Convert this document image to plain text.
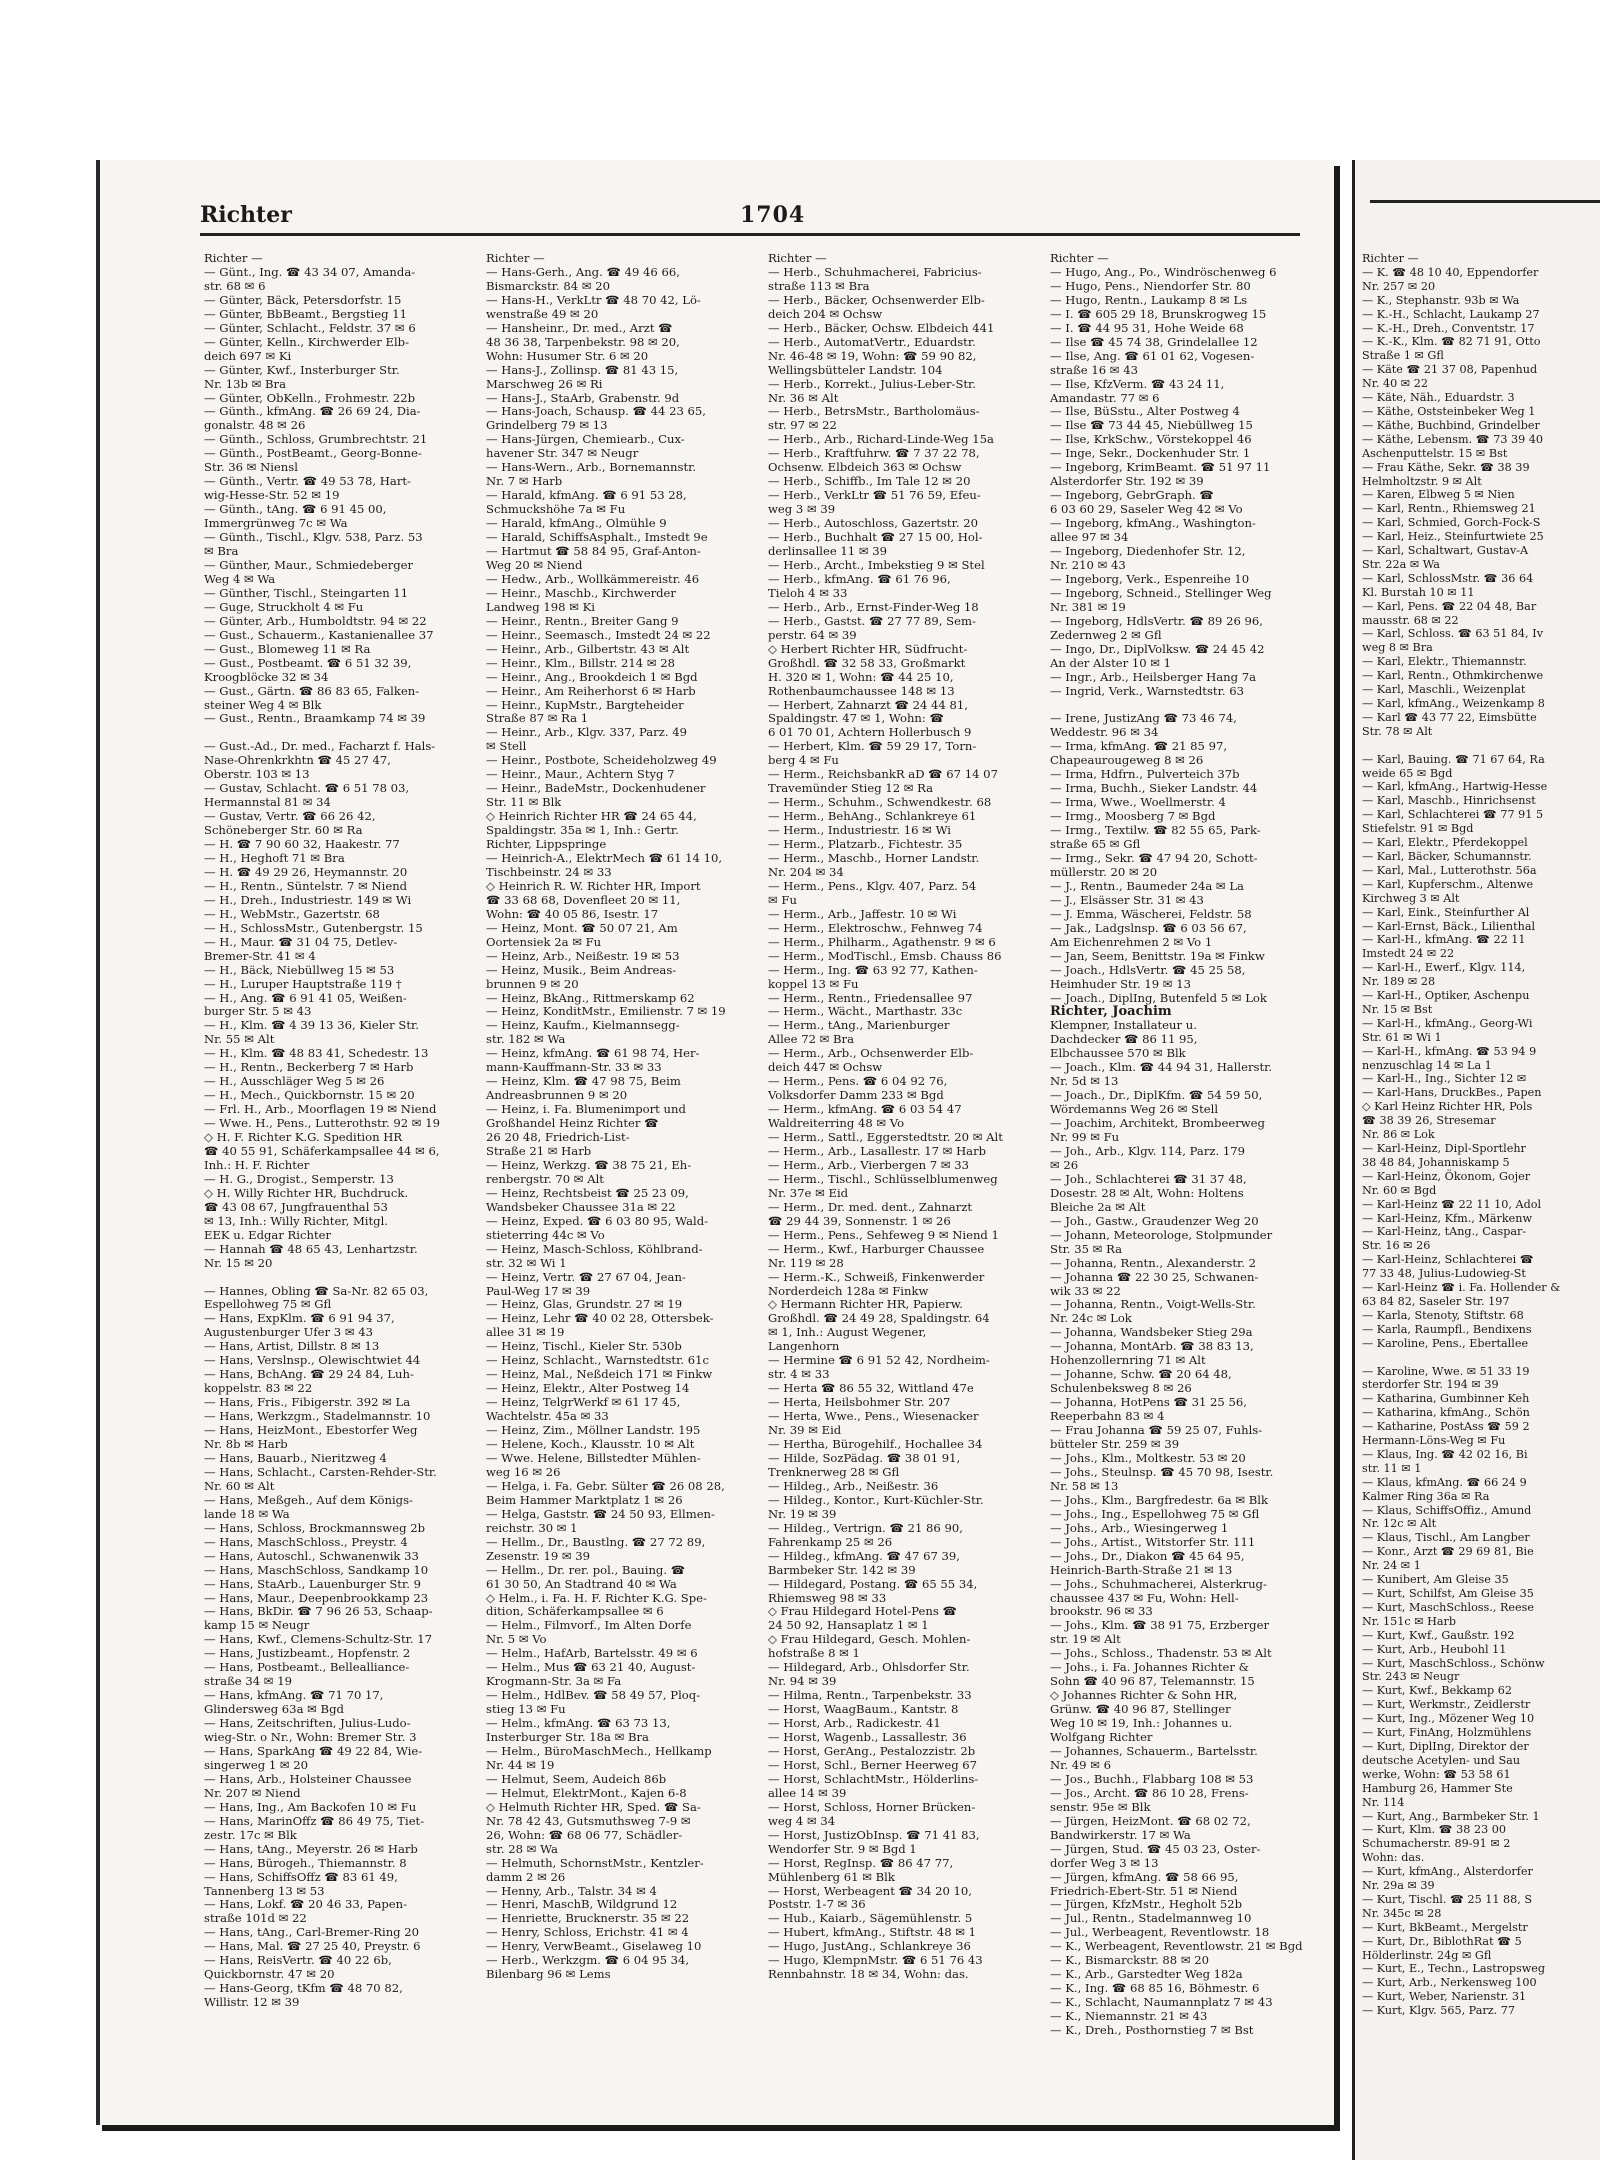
Richter	1704
Richter —
— Günt., Ing. ☎ 43 34 07, Amanda-
str. 68 ✉ 6
— Günter, Bäck, Petersdorfstr. 15
— Günter, BbBeamt., Bergstieg 11
— Günter, Schlacht., Feldstr. 37 ✉ 6
— Günter, Kelln., Kirchwerder Elb-
deich 697 ✉ Ki
— Günter, Kwf., Insterburger Str.
Nr. 13b ✉ Bra
— Günter, ObKelln., Frohmestr. 22b
— Günth., kfmAng. ☎ 26 69 24, Dia-
gonalstr. 48 ✉ 26
— Günth., Schloss, Grumbrechtstr. 21
— Günth., PostBeamt., Georg-Bonne-
Str. 36 ✉ Niensl
— Günth., Vertr. ☎ 49 53 78, Hart-
wig-Hesse-Str. 52 ✉ 19
— Günth., tAng. ☎ 6 91 45 00,
Immergrünweg 7c ✉ Wa
— Günth., Tischl., Klgv. 538, Parz. 53
✉ Bra
— Günther, Maur., Schmiedeberger
Weg 4 ✉ Wa
— Günther, Tischl., Steingarten 11
— Guge, Struckholt 4 ✉ Fu
— Günter, Arb., Humboldtstr. 94 ✉ 22
— Gust., Schauerm., Kastanienallee 37
— Gust., Blomeweg 11 ✉ Ra
— Gust., Postbeamt. ☎ 6 51 32 39,
Kroogblöcke 32 ✉ 34
— Gust., Gärtn. ☎ 86 83 65, Falken-
steiner Weg 4 ✉ Blk
— Gust., Rentn., Braamkamp 74 ✉ 39

— Gust.-Ad., Dr. med., Facharzt f. Hals-
Nase-Ohrenkrkhtn ☎ 45 27 47,
Oberstr. 103 ✉ 13
— Gustav, Schlacht. ☎ 6 51 78 03,
Hermannstal 81 ✉ 34
— Gustav, Vertr. ☎ 66 26 42,
Schöneberger Str. 60 ✉ Ra
— H. ☎ 7 90 60 32, Haakestr. 77
— H., Heghoft 71 ✉ Bra
— H. ☎ 49 29 26, Heymannstr. 20
— H., Rentn., Süntelstr. 7 ✉ Niend
— H., Dreh., Industriestr. 149 ✉ Wi
— H., WebMstr., Gazertstr. 68
— H., SchlossMstr., Gutenbergstr. 15
— H., Maur. ☎ 31 04 75, Detlev-
Bremer-Str. 41 ✉ 4
— H., Bäck, Niebüllweg 15 ✉ 53
— H., Luruper Hauptstraße 119 †
— H., Ang. ☎ 6 91 41 05, Weißen-
burger Str. 5 ✉ 43
— H., Klm. ☎ 4 39 13 36, Kieler Str.
Nr. 55 ✉ Alt
— H., Klm. ☎ 48 83 41, Schedestr. 13
— H., Rentn., Beckerberg 7 ✉ Harb
— H., Ausschläger Weg 5 ✉ 26
— H., Mech., Quickbornstr. 15 ✉ 20
— Frl. H., Arb., Moorflagen 19 ✉ Niend
— Wwe. H., Pens., Lutterothstr. 92 ✉ 19
◇ H. F. Richter K.G. Spedition HR
☎ 40 55 91, Schäferkampsallee 44 ✉ 6,
Inh.: H. F. Richter
— H. G., Drogist., Semperstr. 13
◇ H. Willy Richter HR, Buchdruck.
☎ 43 08 67, Jungfrauenthal 53
✉ 13, Inh.: Willy Richter, Mitgl.
EEK u. Edgar Richter
— Hannah ☎ 48 65 43, Lenhartzstr.
Nr. 15 ✉ 20

— Hannes, Obling ☎ Sa-Nr. 82 65 03,
Espellohweg 75 ✉ Gfl
— Hans, ExpKlm. ☎ 6 91 94 37,
Augustenburger Ufer 3 ✉ 43
— Hans, Artist, Dillstr. 8 ✉ 13
— Hans, Verslnsp., Olewischtwiet 44
— Hans, BchAng. ☎ 29 24 84, Luh-
koppelstr. 83 ✉ 22
— Hans, Fris., Fibigerstr. 392 ✉ La
— Hans, Werkzgm., Stadelmannstr. 10
— Hans, HeizMont., Ebestorfer Weg
Nr. 8b ✉ Harb
— Hans, Bauarb., Nieritzweg 4
— Hans, Schlacht., Carsten-Rehder-Str.
Nr. 60 ✉ Alt
— Hans, Meßgeh., Auf dem Königs-
lande 18 ✉ Wa
— Hans, Schloss, Brockmannsweg 2b
— Hans, MaschSchloss., Preystr. 4
— Hans, Autoschl., Schwanenwik 33
— Hans, MaschSchloss, Sandkamp 10
— Hans, StaArb., Lauenburger Str. 9
— Hans, Maur., Deepenbrookkamp 23
— Hans, BkDir. ☎ 7 96 26 53, Schaap-
kamp 15 ✉ Neugr
— Hans, Kwf., Clemens-Schultz-Str. 17
— Hans, Justizbeamt., Hopfenstr. 2
— Hans, Postbeamt., Bellealliance-
straße 34 ✉ 19
— Hans, kfmAng. ☎ 71 70 17,
Glindersweg 63a ✉ Bgd
— Hans, Zeitschriften, Julius-Ludo-
wieg-Str. o Nr., Wohn: Bremer Str. 3
— Hans, SparkAng ☎ 49 22 84, Wie-
singerweg 1 ✉ 20
— Hans, Arb., Holsteiner Chaussee
Nr. 207 ✉ Niend
— Hans, Ing., Am Backofen 10 ✉ Fu
— Hans, MarinOffz ☎ 86 49 75, Tiet-
zestr. 17c ✉ Blk
— Hans, tAng., Meyerstr. 26 ✉ Harb
— Hans, Bürogeh., Thiemannstr. 8
— Hans, SchiffsOffz ☎ 83 61 49,
Tannenberg 13 ✉ 53
— Hans, Lokf. ☎ 20 46 33, Papen-
straße 101d ✉ 22
— Hans, tAng., Carl-Bremer-Ring 20
— Hans, Mal. ☎ 27 25 40, Preystr. 6
— Hans, ReisVertr. ☎ 40 22 6b,
Quickbornstr. 47 ✉ 20
— Hans-Georg, tKfm ☎ 48 70 82,
Willistr. 12 ✉ 39
Richter —
— Hans-Gerh., Ang. ☎ 49 46 66,
Bismarckstr. 84 ✉ 20
— Hans-H., VerkLtr ☎ 48 70 42, Lö-
wenstraße 49 ✉ 20
— Hansheinr., Dr. med., Arzt ☎
48 36 38, Tarpenbekstr. 98 ✉ 20,
Wohn: Husumer Str. 6 ✉ 20
— Hans-J., Zollinsp. ☎ 81 43 15,
Marschweg 26 ✉ Ri
— Hans-J., StaArb, Grabenstr. 9d
— Hans-Joach, Schausp. ☎ 44 23 65,
Grindelberg 79 ✉ 13
— Hans-Jürgen, Chemiearb., Cux-
havener Str. 347 ✉ Neugr
— Hans-Wern., Arb., Bornemannstr.
Nr. 7 ✉ Harb
— Harald, kfmAng. ☎ 6 91 53 28,
Schmuckshöhe 7a ✉ Fu
— Harald, kfmAng., Olmühle 9
— Harald, SchiffsAsphalt., Imstedt 9e
— Hartmut ☎ 58 84 95, Graf-Anton-
Weg 20 ✉ Niend
— Hedw., Arb., Wollkämmereistr. 46
— Heinr., Maschb., Kirchwerder
Landweg 198 ✉ Ki
— Heinr., Rentn., Breiter Gang 9
— Heinr., Seemasch., Imstedt 24 ✉ 22
— Heinr., Arb., Gilbertstr. 43 ✉ Alt
— Heinr., Klm., Billstr. 214 ✉ 28
— Heinr., Ang., Brookdeich 1 ✉ Bgd
— Heinr., Am Reiherhorst 6 ✉ Harb
— Heinr., KupMstr., Bargteheider
Straße 87 ✉ Ra 1
— Heinr., Arb., Klgv. 337, Parz. 49
✉ Stell
— Heinr., Postbote, Scheideholzweg 49
— Heinr., Maur., Achtern Styg 7
— Heinr., BadeMstr., Dockenhudener
Str. 11 ✉ Blk
◇ Heinrich Richter HR ☎ 24 65 44,
Spaldingstr. 35a ✉ 1, Inh.: Gertr.
Richter, Lippspringe
— Heinrich-A., ElektrMech ☎ 61 14 10,
Tischbeinstr. 24 ✉ 33
◇ Heinrich R. W. Richter HR, Import
☎ 33 68 68, Dovenfleet 20 ✉ 11,
Wohn: ☎ 40 05 86, Isestr. 17
— Heinz, Mont. ☎ 50 07 21, Am
Oortensiek 2a ✉ Fu
— Heinz, Arb., Neißestr. 19 ✉ 53
— Heinz, Musik., Beim Andreas-
brunnen 9 ✉ 20
— Heinz, BkAng., Rittmerskamp 62
— Heinz, KonditMstr., Emilienstr. 7 ✉ 19
— Heinz, Kaufm., Kielmannsegg-
str. 182 ✉ Wa
— Heinz, kfmAng. ☎ 61 98 74, Her-
mann-Kauffmann-Str. 33 ✉ 33
— Heinz, Klm. ☎ 47 98 75, Beim
Andreasbrunnen 9 ✉ 20
— Heinz, i. Fa. Blumenimport und
Großhandel Heinz Richter ☎
26 20 48, Friedrich-List-
Straße 21 ✉ Harb
— Heinz, Werkzg. ☎ 38 75 21, Eh-
renbergstr. 70 ✉ Alt
— Heinz, Rechtsbeist ☎ 25 23 09,
Wandsbeker Chaussee 31a ✉ 22
— Heinz, Exped. ☎ 6 03 80 95, Wald-
stieterring 44c ✉ Vo
— Heinz, Masch-Schloss, Köhlbrand-
str. 32 ✉ Wi 1
— Heinz, Vertr. ☎ 27 67 04, Jean-
Paul-Weg 17 ✉ 39
— Heinz, Glas, Grundstr. 27 ✉ 19
— Heinz, Lehr ☎ 40 02 28, Ottersbek-
allee 31 ✉ 19
— Heinz, Tischl., Kieler Str. 530b
— Heinz, Schlacht., Warnstedtstr. 61c
— Heinz, Mal., Neßdeich 171 ✉ Finkw
— Heinz, Elektr., Alter Postweg 14
— Heinz, TelgrWerkf ✉ 61 17 45,
Wachtelstr. 45a ✉ 33
— Heinz, Zim., Möllner Landstr. 195
— Helene, Koch., Klausstr. 10 ✉ Alt
— Wwe. Helene, Billstedter Mühlen-
weg 16 ✉ 26
— Helga, i. Fa. Gebr. Sülter ☎ 26 08 28,
Beim Hammer Marktplatz 1 ✉ 26
— Helga, Gaststr. ☎ 24 50 93, Ellmen-
reichstr. 30 ✉ 1
— Hellm., Dr., Baustlng. ☎ 27 72 89,
Zesenstr. 19 ✉ 39
— Hellm., Dr. rer. pol., Bauing. ☎
61 30 50, An Stadtrand 40 ✉ Wa
◇ Helm., i. Fa. H. F. Richter K.G. Spe-
dition, Schäferkampsallee ✉ 6
— Helm., Filmvorf., Im Alten Dorfe
Nr. 5 ✉ Vo
— Helm., HafArb, Bartelsstr. 49 ✉ 6
— Helm., Mus ☎ 63 21 40, August-
Krogmann-Str. 3a ✉ Fa
— Helm., HdlBev. ☎ 58 49 57, Ploq-
stieg 13 ✉ Fu
— Helm., kfmAng. ☎ 63 73 13,
Insterburger Str. 18a ✉ Bra
— Helm., BüroMaschMech., Hellkamp
Nr. 44 ✉ 19
— Helmut, Seem, Audeich 86b
— Helmut, ElektrMont., Kajen 6-8
◇ Helmuth Richter HR, Sped. ☎ Sa-
Nr. 78 42 43, Gutsmuthsweg 7-9 ✉
26, Wohn: ☎ 68 06 77, Schädler-
str. 28 ✉ Wa
— Helmuth, SchornstMstr., Kentzler-
damm 2 ✉ 26
— Henny, Arb., Talstr. 34 ✉ 4
— Henri, MaschB, Wildgrund 12
— Henriette, Brucknerstr. 35 ✉ 22
— Henry, Schloss, Erichstr. 41 ✉ 4
— Henry, VerwBeamt., Giselaweg 10
— Herb., Werkzgm. ☎ 6 04 95 34,
Bilenbarg 96 ✉ Lems
Richter —
— Herb., Schuhmacherei, Fabricius-
straße 113 ✉ Bra
— Herb., Bäcker, Ochsenwerder Elb-
deich 204 ✉ Ochsw
— Herb., Bäcker, Ochsw. Elbdeich 441
— Herb., AutomatVertr., Eduardstr.
Nr. 46-48 ✉ 19, Wohn: ☎ 59 90 82,
Wellingsbütteler Landstr. 104
— Herb., Korrekt., Julius-Leber-Str.
Nr. 36 ✉ Alt
— Herb., BetrsMstr., Bartholomäus-
str. 97 ✉ 22
— Herb., Arb., Richard-Linde-Weg 15a
— Herb., Kraftfuhrw. ☎ 7 37 22 78,
Ochsenw. Elbdeich 363 ✉ Ochsw
— Herb., Schiffb., Im Tale 12 ✉ 20
— Herb., VerkLtr ☎ 51 76 59, Efeu-
weg 3 ✉ 39
— Herb., Autoschloss, Gazertstr. 20
— Herb., Buchhalt ☎ 27 15 00, Hol-
derlinsallee 11 ✉ 39
— Herb., Archt., Imbekstieg 9 ✉ Stel
— Herb., kfmAng. ☎ 61 76 96,
Tieloh 4 ✉ 33
— Herb., Arb., Ernst-Finder-Weg 18
— Herb., Gastst. ☎ 27 77 89, Sem-
perstr. 64 ✉ 39
◇ Herbert Richter HR, Südfrucht-
Großhdl. ☎ 32 58 33, Großmarkt
H. 320 ✉ 1, Wohn: ☎ 44 25 10,
Rothenbaumchaussee 148 ✉ 13
— Herbert, Zahnarzt ☎ 24 44 81,
Spaldingstr. 47 ✉ 1, Wohn: ☎
6 01 70 01, Achtern Hollerbusch 9
— Herbert, Klm. ☎ 59 29 17, Torn-
berg 4 ✉ Fu
— Herm., ReichsbankR aD ☎ 67 14 07
Travemünder Stieg 12 ✉ Ra
— Herm., Schuhm., Schwendkestr. 68
— Herm., BehAng., Schlankreye 61
— Herm., Industriestr. 16 ✉ Wi
— Herm., Platzarb., Fichtestr. 35
— Herm., Maschb., Horner Landstr.
Nr. 204 ✉ 34
— Herm., Pens., Klgv. 407, Parz. 54
✉ Fu
— Herm., Arb., Jaffestr. 10 ✉ Wi
— Herm., Elektroschw., Fehnweg 74
— Herm., Philharm., Agathenstr. 9 ✉ 6
— Herm., ModTischl., Emsb. Chauss 86
— Herm., Ing. ☎ 63 92 77, Kathen-
koppel 13 ✉ Fu
— Herm., Rentn., Friedensallee 97
— Herm., Wächt., Marthastr. 33c
— Herm., tAng., Marienburger
Allee 72 ✉ Bra
— Herm., Arb., Ochsenwerder Elb-
deich 447 ✉ Ochsw
— Herm., Pens. ☎ 6 04 92 76,
Volksdorfer Damm 233 ✉ Bgd
— Herm., kfmAng. ☎ 6 03 54 47
Waldreiterring 48 ✉ Vo
— Herm., Sattl., Eggerstedtstr. 20 ✉ Alt
— Herm., Arb., Lasallestr. 17 ✉ Harb
— Herm., Arb., Vierbergen 7 ✉ 33
— Herm., Tischl., Schlüsselblumenweg
Nr. 37e ✉ Eid
— Herm., Dr. med. dent., Zahnarzt
☎ 29 44 39, Sonnenstr. 1 ✉ 26
— Herm., Pens., Sehfeweg 9 ✉ Niend 1
— Herm., Kwf., Harburger Chaussee
Nr. 119 ✉ 28
— Herm.-K., Schweiß, Finkenwerder
Norderdeich 128a ✉ Finkw
◇ Hermann Richter HR, Papierw.
Großhdl. ☎ 24 49 28, Spaldingstr. 64
✉ 1, Inh.: August Wegener,
Langenhorn
— Hermine ☎ 6 91 52 42, Nordheim-
str. 4 ✉ 33
— Herta ☎ 86 55 32, Wittland 47e
— Herta, Heilsbohmer Str. 207
— Herta, Wwe., Pens., Wiesenacker
Nr. 39 ✉ Eid
— Hertha, Bürogehilf., Hochallee 34
— Hilde, SozPädag. ☎ 38 01 91,
Trenknerweg 28 ✉ Gfl
— Hildeg., Arb., Neißestr. 36
— Hildeg., Kontor., Kurt-Küchler-Str.
Nr. 19 ✉ 39
— Hildeg., Vertrign. ☎ 21 86 90,
Fahrenkamp 25 ✉ 26
— Hildeg., kfmAng. ☎ 47 67 39,
Barmbeker Str. 142 ✉ 39
— Hildegard, Postang. ☎ 65 55 34,
Rhiemsweg 98 ✉ 33
◇ Frau Hildegard Hotel-Pens ☎
24 50 92, Hansaplatz 1 ✉ 1
◇ Frau Hildegard, Gesch. Mohlen-
hofstraße 8 ✉ 1
— Hildegard, Arb., Ohlsdorfer Str.
Nr. 94 ✉ 39
— Hilma, Rentn., Tarpenbekstr. 33
— Horst, WaagBaum., Kantstr. 8
— Horst, Arb., Radickestr. 41
— Horst, Wagenb., Lassallestr. 36
— Horst, GerAng., Pestalozzistr. 2b
— Horst, Schl., Berner Heerweg 67
— Horst, SchlachtMstr., Hölderlins-
allee 14 ✉ 39
— Horst, Schloss, Horner Brücken-
weg 4 ✉ 34
— Horst, JustizObInsp. ☎ 71 41 83,
Wendorfer Str. 9 ✉ Bgd 1
— Horst, RegInsp. ☎ 86 47 77,
Mühlenberg 61 ✉ Blk
— Horst, Werbeagent ☎ 34 20 10,
Poststr. 1-7 ✉ 36
— Hub., Kaiarb., Sägemühlenstr. 5
— Hubert, kfmAng., Stiftstr. 48 ✉ 1
— Hugo, JustAng., Schlankreye 36
— Hugo, KlempnMstr. ☎ 6 51 76 43
Rennbahnstr. 18 ✉ 34, Wohn: das.
Richter —
— Hugo, Ang., Po., Windröschenweg 6
— Hugo, Pens., Niendorfer Str. 80
— Hugo, Rentn., Laukamp 8 ✉ Ls
— I. ☎ 605 29 18, Brunskrogweg 15
— I. ☎ 44 95 31, Hohe Weide 68
— Ilse ☎ 45 74 38, Grindelallee 12
— Ilse, Ang. ☎ 61 01 62, Vogesen-
straße 16 ✉ 43
— Ilse, KfzVerm. ☎ 43 24 11,
Amandastr. 77 ✉ 6
— Ilse, BüSstu., Alter Postweg 4
— Ilse ☎ 73 44 45, Niebüllweg 15
— Ilse, KrkSchw., Vörstekoppel 46
— Inge, Sekr., Dockenhuder Str. 1
— Ingeborg, KrimBeamt. ☎ 51 97 11
Alsterdorfer Str. 192 ✉ 39
— Ingeborg, GebrGraph. ☎
6 03 60 29, Saseler Weg 42 ✉ Vo
— Ingeborg, kfmAng., Washington-
allee 97 ✉ 34
— Ingeborg, Diedenhofer Str. 12,
Nr. 210 ✉ 43
— Ingeborg, Verk., Espenreihe 10
— Ingeborg, Schneid., Stellinger Weg
Nr. 381 ✉ 19
— Ingeborg, HdlsVertr. ☎ 89 26 96,
Zedernweg 2 ✉ Gfl
— Ingo, Dr., DiplVolksw. ☎ 24 45 42
An der Alster 10 ✉ 1
— Ingr., Arb., Heilsberger Hang 7a
— Ingrid, Verk., Warnstedtstr. 63

— Irene, JustizAng ☎ 73 46 74,
Weddestr. 96 ✉ 34
— Irma, kfmAng. ☎ 21 85 97,
Chapeaurougeweg 8 ✉ 26
— Irma, Hdfrn., Pulverteich 37b
— Irma, Buchh., Sieker Landstr. 44
— Irma, Wwe., Woellmerstr. 4
— Irmg., Moosberg 7 ✉ Bgd
— Irmg., Textilw. ☎ 82 55 65, Park-
straße 65 ✉ Gfl
— Irmg., Sekr. ☎ 47 94 20, Schott-
müllerstr. 20 ✉ 20
— J., Rentn., Baumeder 24a ✉ La
— J., Elsässer Str. 31 ✉ 43
— J. Emma, Wäscherei, Feldstr. 58
— Jak., Ladgslnsp. ☎ 6 03 56 67,
Am Eichenrehmen 2 ✉ Vo 1
— Jan, Seem, Benittstr. 19a ✉ Finkw
— Joach., HdlsVertr. ☎ 45 25 58,
Heimhuder Str. 19 ✉ 13
— Joach., DiplIng, Butenfeld 5 ✉ Lok
Richter, Joachim
Klempner, Installateur u.
Dachdecker ☎ 86 11 95,
Elbchaussee 570 ✉ Blk
— Joach., Klm. ☎ 44 94 31, Hallerstr.
Nr. 5d ✉ 13
— Joach., Dr., DiplKfm. ☎ 54 59 50,
Wördemanns Weg 26 ✉ Stell
— Joachim, Architekt, Brombeerweg
Nr. 99 ✉ Fu
— Joh., Arb., Klgv. 114, Parz. 179
✉ 26
— Joh., Schlachterei ☎ 31 37 48,
Dosestr. 28 ✉ Alt, Wohn: Holtens
Bleiche 2a ✉ Alt
— Joh., Gastw., Graudenzer Weg 20
— Johann, Meteorologe, Stolpmunder
Str. 35 ✉ Ra
— Johanna, Rentn., Alexanderstr. 2
— Johanna ☎ 22 30 25, Schwanen-
wik 33 ✉ 22
— Johanna, Rentn., Voigt-Wells-Str.
Nr. 24c ✉ Lok
— Johanna, Wandsbeker Stieg 29a
— Johanna, MontArb. ☎ 38 83 13,
Hohenzollernring 71 ✉ Alt
— Johanne, Schw. ☎ 20 64 48,
Schulenbeksweg 8 ✉ 26
— Johanna, HotPens ☎ 31 25 56,
Reeperbahn 83 ✉ 4
— Frau Johanna ☎ 59 25 07, Fuhls-
bütteler Str. 259 ✉ 39
— Johs., Klm., Moltkestr. 53 ✉ 20
— Johs., Steulnsp. ☎ 45 70 98, Isestr.
Nr. 58 ✉ 13
— Johs., Klm., Bargfredestr. 6a ✉ Blk
— Johs., Ing., Espellohweg 75 ✉ Gfl
— Johs., Arb., Wiesingerweg 1
— Johs., Artist., Witstorfer Str. 111
— Johs., Dr., Diakon ☎ 45 64 95,
Heinrich-Barth-Straße 21 ✉ 13
— Johs., Schuhmacherei, Alsterkrug-
chaussee 437 ✉ Fu, Wohn: Hell-
brookstr. 96 ✉ 33
— Johs., Klm. ☎ 38 91 75, Erzberger
str. 19 ✉ Alt
— Johs., Schloss., Thadenstr. 53 ✉ Alt
— Johs., i. Fa. Johannes Richter &
Sohn ☎ 40 96 87, Telemannstr. 15
◇ Johannes Richter & Sohn HR,
Grünw. ☎ 40 96 87, Stellinger
Weg 10 ✉ 19, Inh.: Johannes u.
Wolfgang Richter
— Johannes, Schauerm., Bartelsstr.
Nr. 49 ✉ 6
— Jos., Buchh., Flabbarg 108 ✉ 53
— Jos., Archt. ☎ 86 10 28, Frens-
senstr. 95e ✉ Blk
— Jürgen, HeizMont. ☎ 68 02 72,
Bandwirkerstr. 17 ✉ Wa
— Jürgen, Stud. ☎ 45 03 23, Oster-
dorfer Weg 3 ✉ 13
— Jürgen, kfmAng. ☎ 58 66 95,
Friedrich-Ebert-Str. 51 ✉ Niend
— Jürgen, KfzMstr., Hegholt 52b
— Jul., Rentn., Stadelmannweg 10
— Jul., Werbeagent, Reventlowstr. 18
— K., Werbeagent, Reventlowstr. 21 ✉ Bgd
— K., Bismarckstr. 88 ✉ 20
— K., Arb., Garstedter Weg 182a
— K., Ing. ☎ 68 85 16, Böhmestr. 6
— K., Schlacht, Naumannplatz 7 ✉ 43
— K., Niemannstr. 21 ✉ 43
— K., Dreh., Posthornstieg 7 ✉ Bst
Richter —
— K. ☎ 48 10 40, Eppendorfer
Nr. 257 ✉ 20
— K., Stephanstr. 93b ✉ Wa
— K.-H., Schlacht, Laukamp 27
— K.-H., Dreh., Conventstr. 17
— K.-K., Klm. ☎ 82 71 91, Otto
Straße 1 ✉ Gfl
— Käte ☎ 21 37 08, Papenhud
Nr. 40 ✉ 22
— Käte, Näh., Eduardstr. 3
— Käthe, Oststeinbeker Weg 1
— Käthe, Buchbind, Grindelber
— Käthe, Lebensm. ☎ 73 39 40
Aschenputtelstr. 15 ✉ Bst
— Frau Käthe, Sekr. ☎ 38 39
Helmholtzstr. 9 ✉ Alt
— Karen, Elbweg 5 ✉ Nien
— Karl, Rentn., Rhiemsweg 21
— Karl, Schmied, Gorch-Fock-S
— Karl, Heiz., Steinfurtwiete 25
— Karl, Schaltwart, Gustav-A
Str. 22a ✉ Wa
— Karl, SchlossMstr. ☎ 36 64
Kl. Burstah 10 ✉ 11
— Karl, Pens. ☎ 22 04 48, Bar
mausstr. 68 ✉ 22
— Karl, Schloss. ☎ 63 51 84, Iv
weg 8 ✉ Bra
— Karl, Elektr., Thiemannstr.
— Karl, Rentn., Othmkirchenwe
— Karl, Maschli., Weizenplat
— Karl, kfmAng., Weizenkamp 8
— Karl ☎ 43 77 22, Eimsbütte
Str. 78 ✉ Alt

— Karl, Bauing. ☎ 71 67 64, Ra
weide 65 ✉ Bgd
— Karl, kfmAng., Hartwig-Hesse
— Karl, Maschb., Hinrichsenst
— Karl, Schlachterei ☎ 77 91 5
Stiefelstr. 91 ✉ Bgd
— Karl, Elektr., Pferdekoppel
— Karl, Bäcker, Schumannstr.
— Karl, Mal., Lutterothstr. 56a
— Karl, Kupferschm., Altenwe
Kirchweg 3 ✉ Alt
— Karl, Eink., Steinfurther Al
— Karl-Ernst, Bäck., Lilienthal
— Karl-H., kfmAng. ☎ 22 11
Imstedt 24 ✉ 22
— Karl-H., Ewerf., Klgv. 114,
Nr. 189 ✉ 28
— Karl-H., Optiker, Aschenpu
Nr. 15 ✉ Bst
— Karl-H., kfmAng., Georg-Wi
Str. 61 ✉ Wi 1
— Karl-H., kfmAng. ☎ 53 94 9
nenzuschlag 14 ✉ La 1
— Karl-H., Ing., Sichter 12 ✉
— Karl-Hans, DruckBes., Papen
◇ Karl Heinz Richter HR, Pols
☎ 38 39 26, Stresemar
Nr. 86 ✉ Lok
— Karl-Heinz, Dipl-Sportlehr
38 48 84, Johanniskamp 5
— Karl-Heinz, Ökonom, Gojer
Nr. 60 ✉ Bgd
— Karl-Heinz ☎ 22 11 10, Adol
— Karl-Heinz, Kfm., Märkenw
— Karl-Heinz, tAng., Caspar-
Str. 16 ✉ 26
— Karl-Heinz, Schlachterei ☎
77 33 48, Julius-Ludowieg-St
— Karl-Heinz ☎ i. Fa. Hollender &
63 84 82, Saseler Str. 197
— Karla, Stenoty, Stiftstr. 68
— Karla, Raumpfl., Bendixens
— Karoline, Pens., Ebertallee

— Karoline, Wwe. ✉ 51 33 19
sterdorfer Str. 194 ✉ 39
— Katharina, Gumbinner Keh
— Katharina, kfmAng., Schön
— Katharine, PostAss ☎ 59 2
Hermann-Löns-Weg ✉ Fu
— Klaus, Ing. ☎ 42 02 16, Bi
str. 11 ✉ 1
— Klaus, kfmAng. ☎ 66 24 9
Kalmer Ring 36a ✉ Ra
— Klaus, SchiffsOffiz., Amund
Nr. 12c ✉ Alt
— Klaus, Tischl., Am Langber
— Konr., Arzt ☎ 29 69 81, Bie
Nr. 24 ✉ 1
— Kunibert, Am Gleise 35
— Kurt, Schilfst, Am Gleise 35
— Kurt, MaschSchloss., Reese
Nr. 151c ✉ Harb
— Kurt, Kwf., Gaußstr. 192
— Kurt, Arb., Heubohl 11
— Kurt, MaschSchloss., Schönw
Str. 243 ✉ Neugr
— Kurt, Kwf., Bekkamp 62
— Kurt, Werkmstr., Zeidlerstr
— Kurt, Ing., Mözener Weg 10
— Kurt, FinAng, Holzmühlens
— Kurt, DiplIng, Direktor der
deutsche Acetylen- und Sau
werke, Wohn: ☎ 53 58 61
Hamburg 26, Hammer Ste
Nr. 114
— Kurt, Ang., Barmbeker Str. 1
— Kurt, Klm. ☎ 38 23 00
Schumacherstr. 89-91 ✉ 2
Wohn: das.
— Kurt, kfmAng., Alsterdorfer
Nr. 29a ✉ 39
— Kurt, Tischl. ☎ 25 11 88, S
Nr. 345c ✉ 28
— Kurt, BkBeamt., Mergelstr
— Kurt, Dr., BiblothRat ☎ 5
Hölderlinstr. 24g ✉ Gfl
— Kurt, E., Techn., Lastropsweg
— Kurt, Arb., Nerkensweg 100
— Kurt, Weber, Narienstr. 31
— Kurt, Klgv. 565, Parz. 77
